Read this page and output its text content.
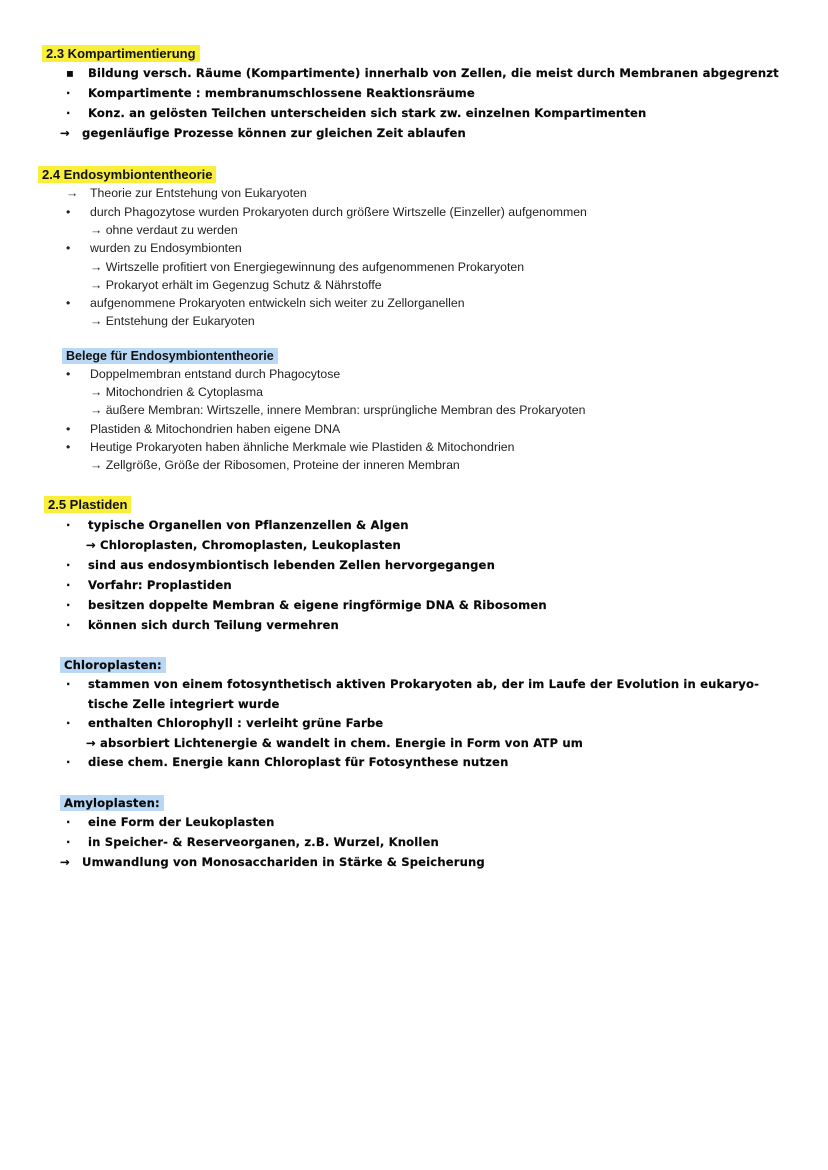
2.3 Kompartimentierung
▪ Bildung versch. Räume (Kompartimente) innerhalb von Zellen, die meist durch Membranen abgegrenzt
· Kompartimente : membranumschlossene Reaktionsräume
· Konz. an gelösten Teilchen unterscheiden sich stark zw. einzelnen Kompartimenten
→ gegenläufige Prozesse können zur gleichen Zeit ablaufen
2.4 Endosymbiontentheorie
→ Theorie zur Entstehung von Eukaryoten
• durch Phagozytose wurden Prokaryoten durch größere Wirtszelle (Einzeller) aufgenommen
→ ohne verdaut zu werden
• wurden zu Endosymbionten
→ Wirtszelle profitiert von Energiegewinnung des aufgenommenen Prokaryoten
→ Prokaryot erhält im Gegenzug Schutz & Nährstoffe
• aufgenommene Prokaryoten entwickeln sich weiter zu Zellorganellen
→ Entstehung der Eukaryoten
Belege für Endosymbiontentheorie
• Doppelmembran entstand durch Phagocytose
→ Mitochondrien & Cytoplasma
→ äußere Membran: Wirtszelle, innere Membran: ursprüngliche Membran des Prokaryoten
• Plastiden & Mitochondrien haben eigene DNA
• Heutige Prokaryoten haben ähnliche Merkmale wie Plastiden & Mitochondrien
→ Zellgröße, Größe der Ribosomen, Proteine der inneren Membran
2.5 Plastiden
· typische Organellen von Pflanzenzellen & Algen
→ Chloroplasten, Chromoplasten, Leukoplasten
· sind aus endosymbiontisch lebenden Zellen hervorgegangen
· Vorfahr: Proplastiden
· besitzen doppelte Membran & eigene ringförmige DNA & Ribosomen
· können sich durch Teilung vermehren
Chloroplasten:
· stammen von einem fotosynthetisch aktiven Prokaryoten ab, der im Laufe der Evolution in eukaryo-
tische Zelle integriert wurde
· enthalten Chlorophyll : verleiht grüne Farbe
→ absorbiert Lichtenergie & wandelt in chem. Energie in Form von ATP um
· diese chem. Energie kann Chloroplast für Fotosynthese nutzen
Amyloplasten:
· eine Form der Leukoplasten
· in Speicher- & Reserveorganen, z.B. Wurzel, Knollen
→ Umwandlung von Monosacchariden in Stärke & Speicherung
